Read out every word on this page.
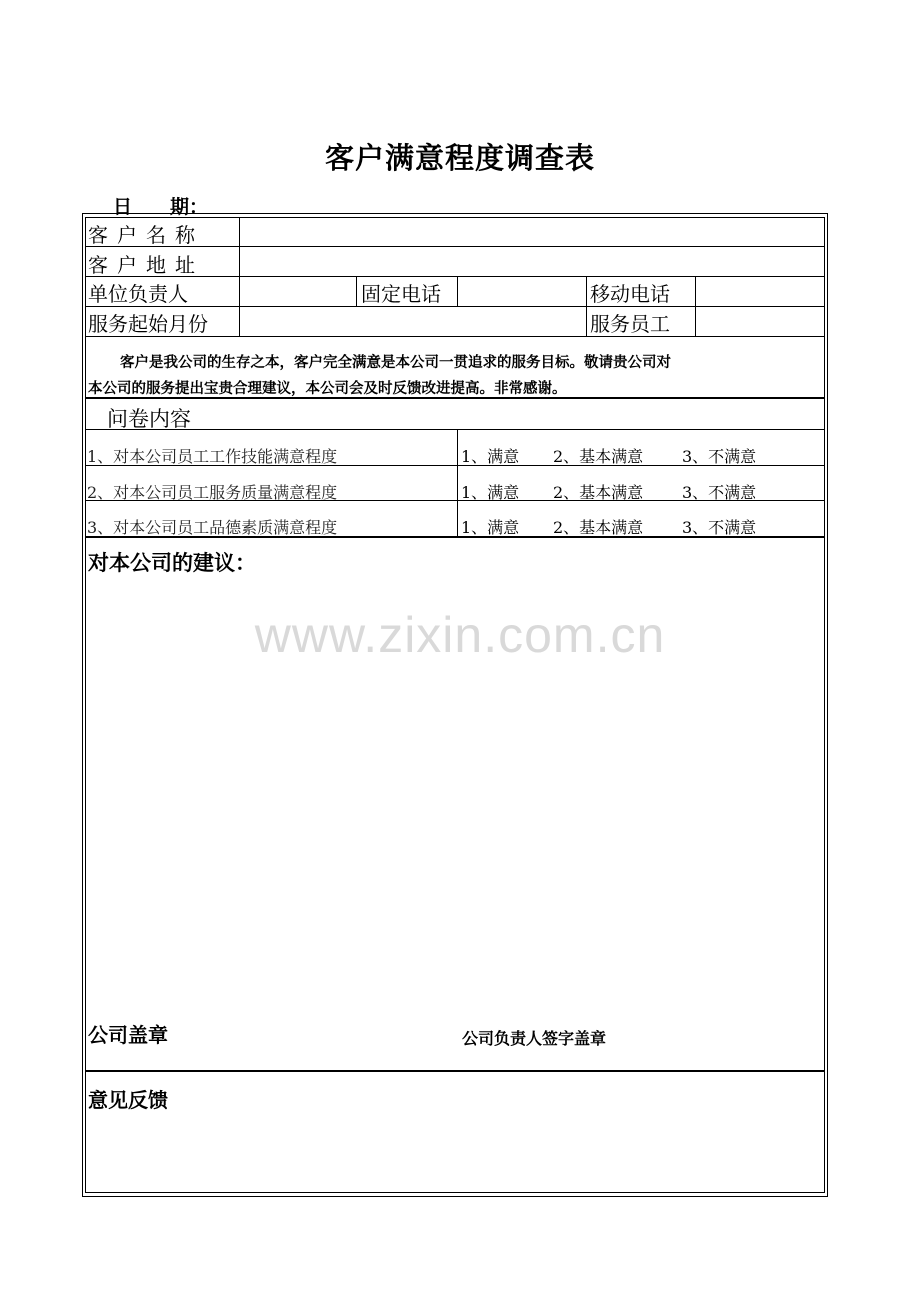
客户满意程度调查表
日　　期：
客户名称
客户地址
单位负责人	固定电话	移动电话
服务起始月份	服务员工

客户是我公司的生存之本，客户完全满意是本公司一贯追求的服务目标。敬请贵公司对

本公司的服务提出宝贵合理建议，本公司会及时反馈改进提高。非常感谢。

问卷内容
1、对本公司员工工作技能满意程度	1、满意 2、基本满意 3、不满意
2、对本公司员工服务质量满意程度	1、满意 2、基本满意 3、不满意
3、对本公司员工品德素质满意程度	1、满意 2、基本满意 3、不满意
对本公司的建议：
www.zixin.com.cn
公司盖章	公司负责人签字盖章
意见反馈
